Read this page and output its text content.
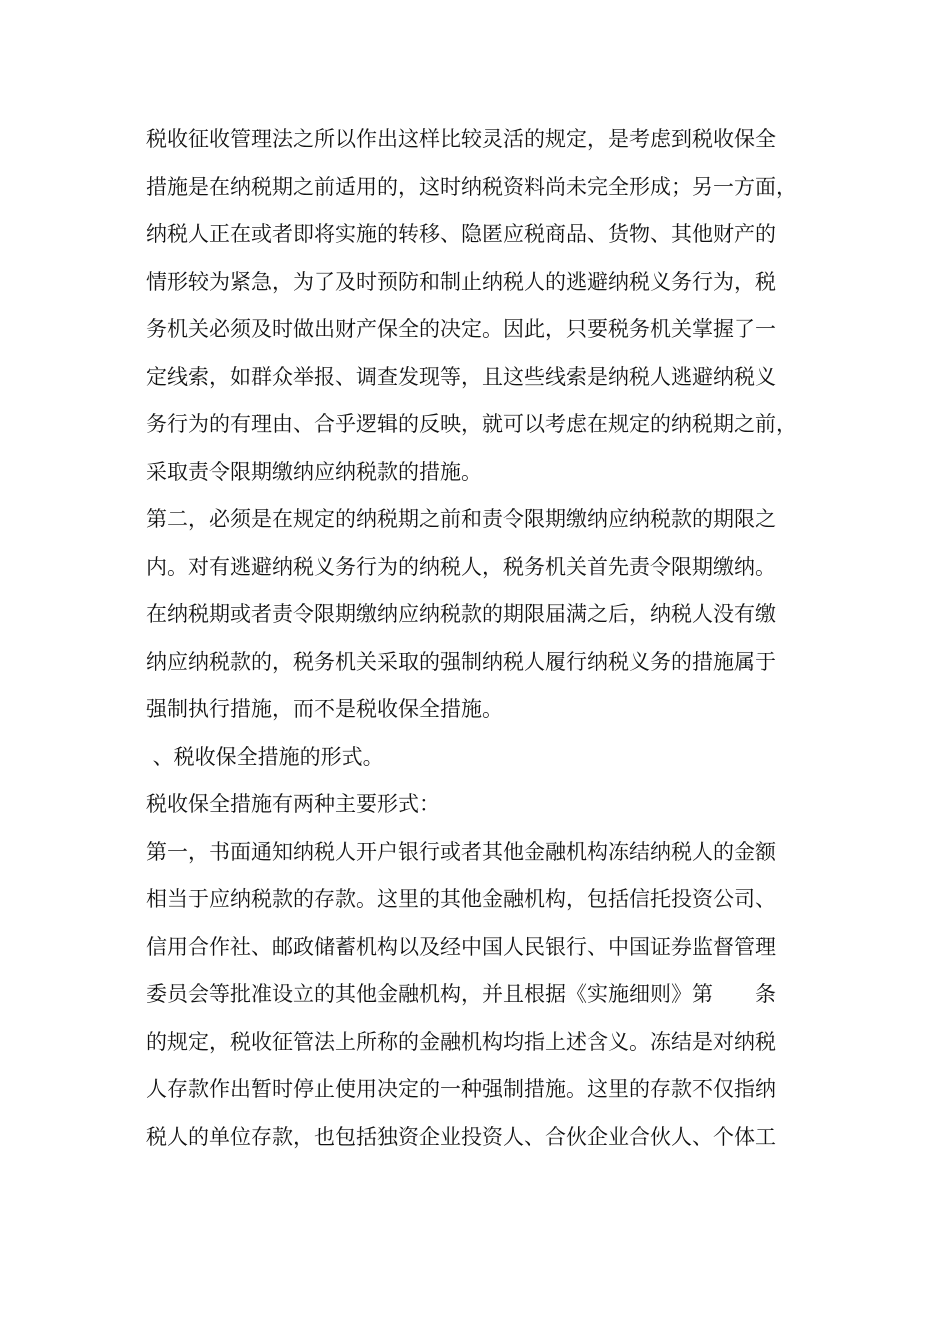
税收征收管理法之所以作出这样比较灵活的规定，是考虑到税收保全
措施是在纳税期之前适用的，这时纳税资料尚未完全形成；另一方面，
纳税人正在或者即将实施的转移、隐匿应税商品、货物、其他财产的
情形较为紧急，为了及时预防和制止纳税人的逃避纳税义务行为，税
务机关必须及时做出财产保全的决定。因此，只要税务机关掌握了一
定线索，如群众举报、调查发现等，且这些线索是纳税人逃避纳税义
务行为的有理由、合乎逻辑的反映，就可以考虑在规定的纳税期之前，
采取责令限期缴纳应纳税款的措施。
第二，必须是在规定的纳税期之前和责令限期缴纳应纳税款的期限之
内。对有逃避纳税义务行为的纳税人，税务机关首先责令限期缴纳。
在纳税期或者责令限期缴纳应纳税款的期限届满之后，纳税人没有缴
纳应纳税款的，税务机关采取的强制纳税人履行纳税义务的措施属于
强制执行措施，而不是税收保全措施。
、税收保全措施的形式。
税收保全措施有两种主要形式：
第一，书面通知纳税人开户银行或者其他金融机构冻结纳税人的金额
相当于应纳税款的存款。这里的其他金融机构，包括信托投资公司、
信用合作社、邮政储蓄机构以及经中国人民银行、中国证券监督管理
委员会等批准设立的其他金融机构，并且根据《实施细则》第　　条
的规定，税收征管法上所称的金融机构均指上述含义。冻结是对纳税
人存款作出暂时停止使用决定的一种强制措施。这里的存款不仅指纳
税人的单位存款，也包括独资企业投资人、合伙企业合伙人、个体工
